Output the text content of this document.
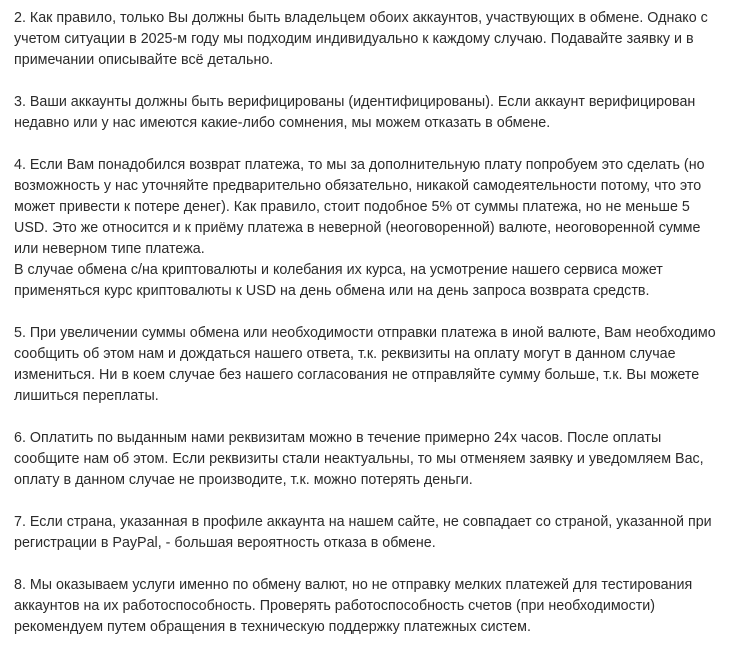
2. Как правило, только Вы должны быть владельцем обоих аккаунтов, участвующих в обмене. Однако с
учетом ситуации в 2025-м году мы подходим индивидуально к каждому случаю. Подавайте заявку и в
примечании описывайте всё детально.
3. Ваши аккаунты должны быть верифицированы (идентифицированы). Если аккаунт верифицирован
недавно или у нас имеются какие-либо сомнения, мы можем отказать в обмене.
4. Если Вам понадобился возврат платежа, то мы за дополнительную плату попробуем это сделать (но
возможность у нас уточняйте предварительно обязательно, никакой самодеятельности потому, что это
может привести к потере денег). Как правило, стоит подобное 5% от суммы платежа, но не меньше 5
USD. Это же относится и к приёму платежа в неверной (неоговоренной) валюте, неоговоренной сумме
или неверном типе платежа.
В случае обмена с/на криптовалюты и колебания их курса, на усмотрение нашего сервиса может
применяться курс криптовалюты к USD на день обмена или на день запроса возврата средств.
5. При увеличении суммы обмена или необходимости отправки платежа в иной валюте, Вам необходимо
сообщить об этом нам и дождаться нашего ответа, т.к. реквизиты на оплату могут в данном случае
измениться. Ни в коем случае без нашего согласования не отправляйте сумму больше, т.к. Вы можете
лишиться переплаты.
6. Оплатить по выданным нами реквизитам можно в течение примерно 24х часов. После оплаты
сообщите нам об этом. Если реквизиты стали неактуальны, то мы отменяем заявку и уведомляем Вас,
оплату в данном случае не производите, т.к. можно потерять деньги.
7. Если страна, указанная в профиле аккаунта на нашем сайте, не совпадает со страной, указанной при
регистрации в PayPal, - большая вероятность отказа в обмене.
8. Мы оказываем услуги именно по обмену валют, но не отправку мелких платежей для тестирования
аккаунтов на их работоспособность. Проверять работоспособность счетов (при необходимости)
рекомендуем путем обращения в техническую поддержку платежных систем.
